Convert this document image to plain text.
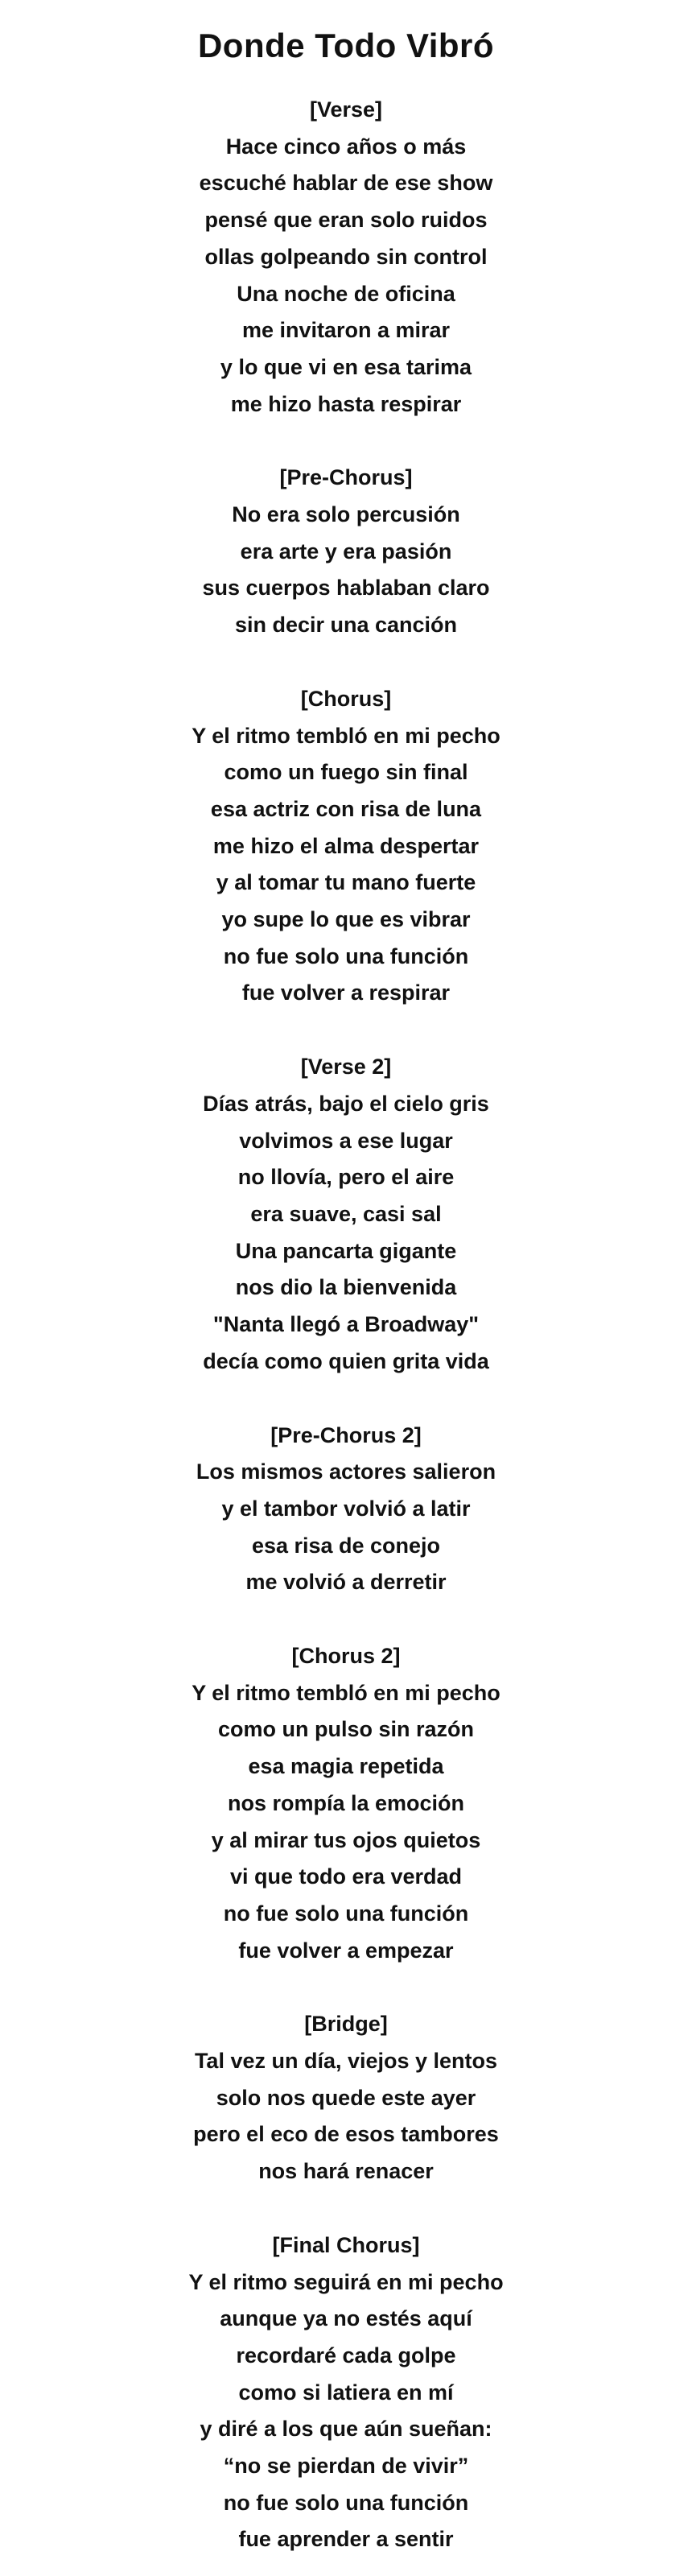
Donde Todo Vibró
[Verse]
Hace cinco años o más
escuché hablar de ese show
pensé que eran solo ruidos
ollas golpeando sin control
Una noche de oficina
me invitaron a mirar
y lo que vi en esa tarima
me hizo hasta respirar
[Pre-Chorus]
No era solo percusión
era arte y era pasión
sus cuerpos hablaban claro
sin decir una canción
[Chorus]
Y el ritmo tembló en mi pecho
como un fuego sin final
esa actriz con risa de luna
me hizo el alma despertar
y al tomar tu mano fuerte
yo supe lo que es vibrar
no fue solo una función
fue volver a respirar
[Verse 2]
Días atrás, bajo el cielo gris
volvimos a ese lugar
no llovía, pero el aire
era suave, casi sal
Una pancarta gigante
nos dio la bienvenida
"Nanta llegó a Broadway"
decía como quien grita vida
[Pre-Chorus 2]
Los mismos actores salieron
y el tambor volvió a latir
esa risa de conejo
me volvió a derretir
[Chorus 2]
Y el ritmo tembló en mi pecho
como un pulso sin razón
esa magia repetida
nos rompía la emoción
y al mirar tus ojos quietos
vi que todo era verdad
no fue solo una función
fue volver a empezar
[Bridge]
Tal vez un día, viejos y lentos
solo nos quede este ayer
pero el eco de esos tambores
nos hará renacer
[Final Chorus]
Y el ritmo seguirá en mi pecho
aunque ya no estés aquí
recordaré cada golpe
como si latiera en mí
y diré a los que aún sueñan:
“no se pierdan de vivir”
no fue solo una función
fue aprender a sentir
